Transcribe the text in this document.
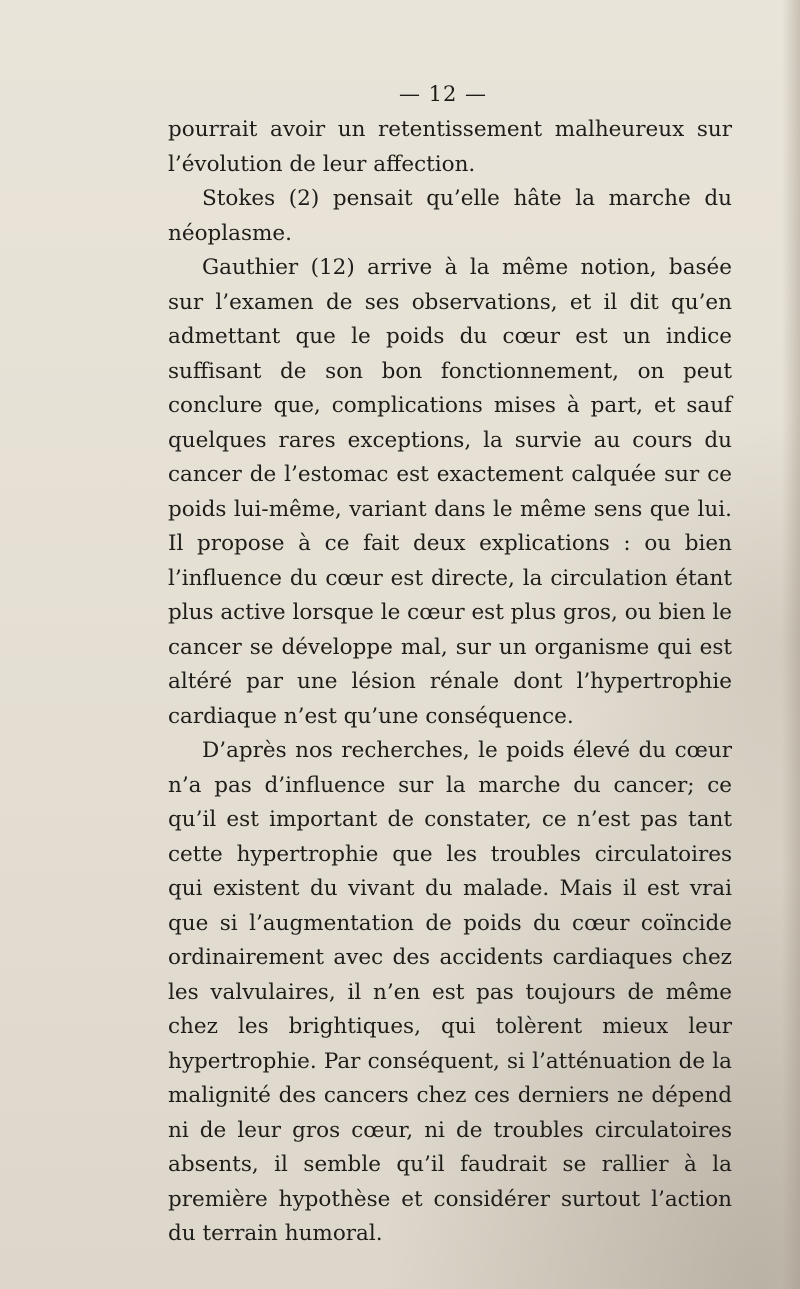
— 12 —

pourrait avoir un retentissement malheureux sur l’évolution de leur affection.

Stokes (2) pensait qu’elle hâte la marche du néoplasme.

Gauthier (12) arrive à la même notion, basée sur l’examen de ses observations, et il dit qu’en admettant que le poids du cœur est un indice suffisant de son bon fonctionnement, on peut conclure que, complications mises à part, et sauf quelques rares exceptions, la survie au cours du cancer de l’estomac est exactement calquée sur ce poids lui-même, variant dans le même sens que lui. Il propose à ce fait deux explications : ou bien l’influence du cœur est directe, la circulation étant plus active lorsque le cœur est plus gros, ou bien le cancer se développe mal, sur un organisme qui est altéré par une lésion rénale dont l’hypertrophie cardiaque n’est qu’une conséquence.

D’après nos recherches, le poids élevé du cœur n’a pas d’influence sur la marche du cancer; ce qu’il est important de constater, ce n’est pas tant cette hypertrophie que les troubles circulatoires qui existent du vivant du malade. Mais il est vrai que si l’augmentation de poids du cœur coïncide ordinairement avec des accidents cardiaques chez les valvulaires, il n’en est pas toujours de même chez les brightiques, qui tolèrent mieux leur hypertrophie. Par conséquent, si l’atténuation de la malignité des cancers chez ces derniers ne dépend ni de leur gros cœur, ni de troubles circulatoires absents, il semble qu’il faudrait se rallier à la première hypothèse et considérer surtout l’action du terrain humoral.
